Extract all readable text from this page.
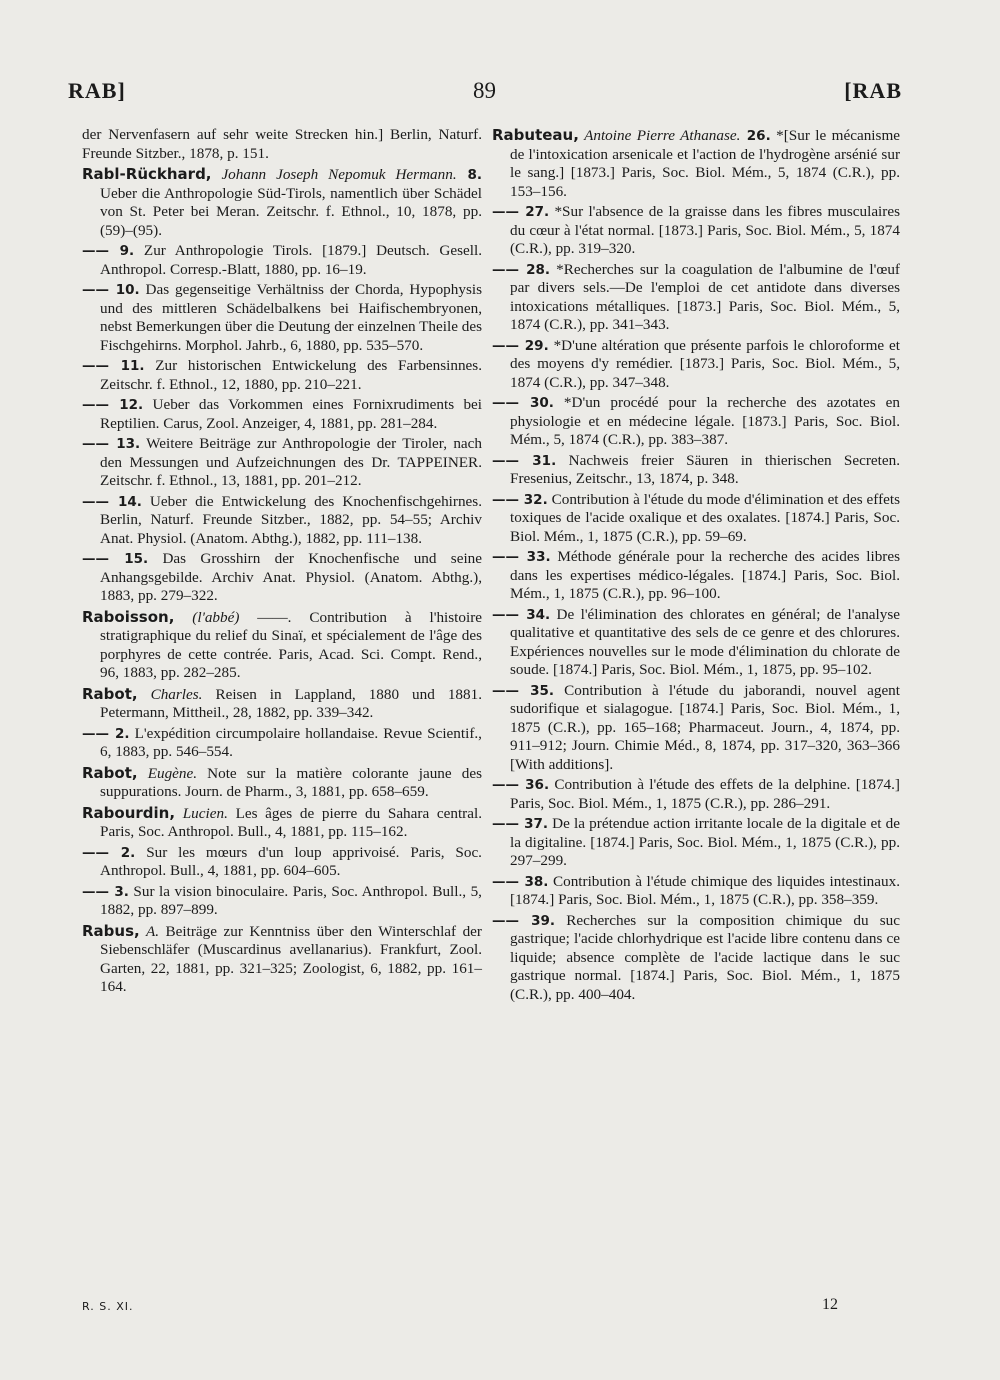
RAB]	89	[RAB

der Nervenfasern auf sehr weite Strecken hin.] Berlin, Naturf. Freunde Sitzber., 1878, p. 151.

Rabl-Rückhard, Johann Joseph Nepomuk Hermann. 8. Ueber die Anthropologie Süd-Tirols, namentlich über Schädel von St. Peter bei Meran. Zeitschr. f. Ethnol., 10, 1878, pp. (59)–(95).

—— 9. Zur Anthropologie Tirols. [1879.] Deutsch. Gesell. Anthropol. Corresp.-Blatt, 1880, pp. 16–19.

—— 10. Das gegenseitige Verhältniss der Chorda, Hypophysis und des mittleren Schädelbalkens bei Haifischembryonen, nebst Bemerkungen über die Deutung der einzelnen Theile des Fischgehirns. Morphol. Jahrb., 6, 1880, pp. 535–570.

—— 11. Zur historischen Entwickelung des Farbensinnes. Zeitschr. f. Ethnol., 12, 1880, pp. 210–221.

—— 12. Ueber das Vorkommen eines Fornixrudiments bei Reptilien. Carus, Zool. Anzeiger, 4, 1881, pp. 281–284.

—— 13. Weitere Beiträge zur Anthropologie der Tiroler, nach den Messungen und Aufzeichnungen des Dr. TAPPEINER. Zeitschr. f. Ethnol., 13, 1881, pp. 201–212.

—— 14. Ueber die Entwickelung des Knochenfischgehirnes. Berlin, Naturf. Freunde Sitzber., 1882, pp. 54–55; Archiv Anat. Physiol. (Anatom. Abthg.), 1882, pp. 111–138.

—— 15. Das Grosshirn der Knochenfische und seine Anhangsgebilde. Archiv Anat. Physiol. (Anatom. Abthg.), 1883, pp. 279–322.

Raboisson, (l'abbé) ——. Contribution à l'histoire stratigraphique du relief du Sinaï, et spécialement de l'âge des porphyres de cette contrée. Paris, Acad. Sci. Compt. Rend., 96, 1883, pp. 282–285.

Rabot, Charles. Reisen in Lappland, 1880 und 1881. Petermann, Mittheil., 28, 1882, pp. 339–342.

—— 2. L'expédition circumpolaire hollandaise. Revue Scientif., 6, 1883, pp. 546–554.

Rabot, Eugène. Note sur la matière colorante jaune des suppurations. Journ. de Pharm., 3, 1881, pp. 658–659.

Rabourdin, Lucien. Les âges de pierre du Sahara central. Paris, Soc. Anthropol. Bull., 4, 1881, pp. 115–162.

—— 2. Sur les mœurs d'un loup apprivoisé. Paris, Soc. Anthropol. Bull., 4, 1881, pp. 604–605.

—— 3. Sur la vision binoculaire. Paris, Soc. Anthropol. Bull., 5, 1882, pp. 897–899.

Rabus, A. Beiträge zur Kenntniss über den Winterschlaf der Siebenschläfer (Muscardinus avellanarius). Frankfurt, Zool. Garten, 22, 1881, pp. 321–325; Zoologist, 6, 1882, pp. 161–164.

Rabuteau, Antoine Pierre Athanase. 26. *[Sur le mécanisme de l'intoxication arsenicale et l'action de l'hydrogène arsénié sur le sang.] [1873.] Paris, Soc. Biol. Mém., 5, 1874 (C.R.), pp. 153–156.

—— 27. *Sur l'absence de la graisse dans les fibres musculaires du cœur à l'état normal. [1873.] Paris, Soc. Biol. Mém., 5, 1874 (C.R.), pp. 319–320.

—— 28. *Recherches sur la coagulation de l'albumine de l'œuf par divers sels.—De l'emploi de cet antidote dans diverses intoxications métalliques. [1873.] Paris, Soc. Biol. Mém., 5, 1874 (C.R.), pp. 341–343.

—— 29. *D'une altération que présente parfois le chloroforme et des moyens d'y remédier. [1873.] Paris, Soc. Biol. Mém., 5, 1874 (C.R.), pp. 347–348.

—— 30. *D'un procédé pour la recherche des azotates en physiologie et en médecine légale. [1873.] Paris, Soc. Biol. Mém., 5, 1874 (C.R.), pp. 383–387.

—— 31. Nachweis freier Säuren in thierischen Secreten. Fresenius, Zeitschr., 13, 1874, p. 348.

—— 32. Contribution à l'étude du mode d'élimination et des effets toxiques de l'acide oxalique et des oxalates. [1874.] Paris, Soc. Biol. Mém., 1, 1875 (C.R.), pp. 59–69.

—— 33. Méthode générale pour la recherche des acides libres dans les expertises médico-légales. [1874.] Paris, Soc. Biol. Mém., 1, 1875 (C.R.), pp. 96–100.

—— 34. De l'élimination des chlorates en général; de l'analyse qualitative et quantitative des sels de ce genre et des chlorures. Expériences nouvelles sur le mode d'élimination du chlorate de soude. [1874.] Paris, Soc. Biol. Mém., 1, 1875, pp. 95–102.

—— 35. Contribution à l'étude du jaborandi, nouvel agent sudorifique et sialagogue. [1874.] Paris, Soc. Biol. Mém., 1, 1875 (C.R.), pp. 165–168; Pharmaceut. Journ., 4, 1874, pp. 911–912; Journ. Chimie Méd., 8, 1874, pp. 317–320, 363–366 [With additions].

—— 36. Contribution à l'étude des effets de la delphine. [1874.] Paris, Soc. Biol. Mém., 1, 1875 (C.R.), pp. 286–291.

—— 37. De la prétendue action irritante locale de la digitale et de la digitaline. [1874.] Paris, Soc. Biol. Mém., 1, 1875 (C.R.), pp. 297–299.

—— 38. Contribution à l'étude chimique des liquides intestinaux. [1874.] Paris, Soc. Biol. Mém., 1, 1875 (C.R.), pp. 358–359.

—— 39. Recherches sur la composition chimique du suc gastrique; l'acide chlorhydrique est l'acide libre contenu dans ce liquide; absence complète de l'acide lactique dans le suc gastrique normal. [1874.] Paris, Soc. Biol. Mém., 1, 1875 (C.R.), pp. 400–404.

R. S. XI.	12
